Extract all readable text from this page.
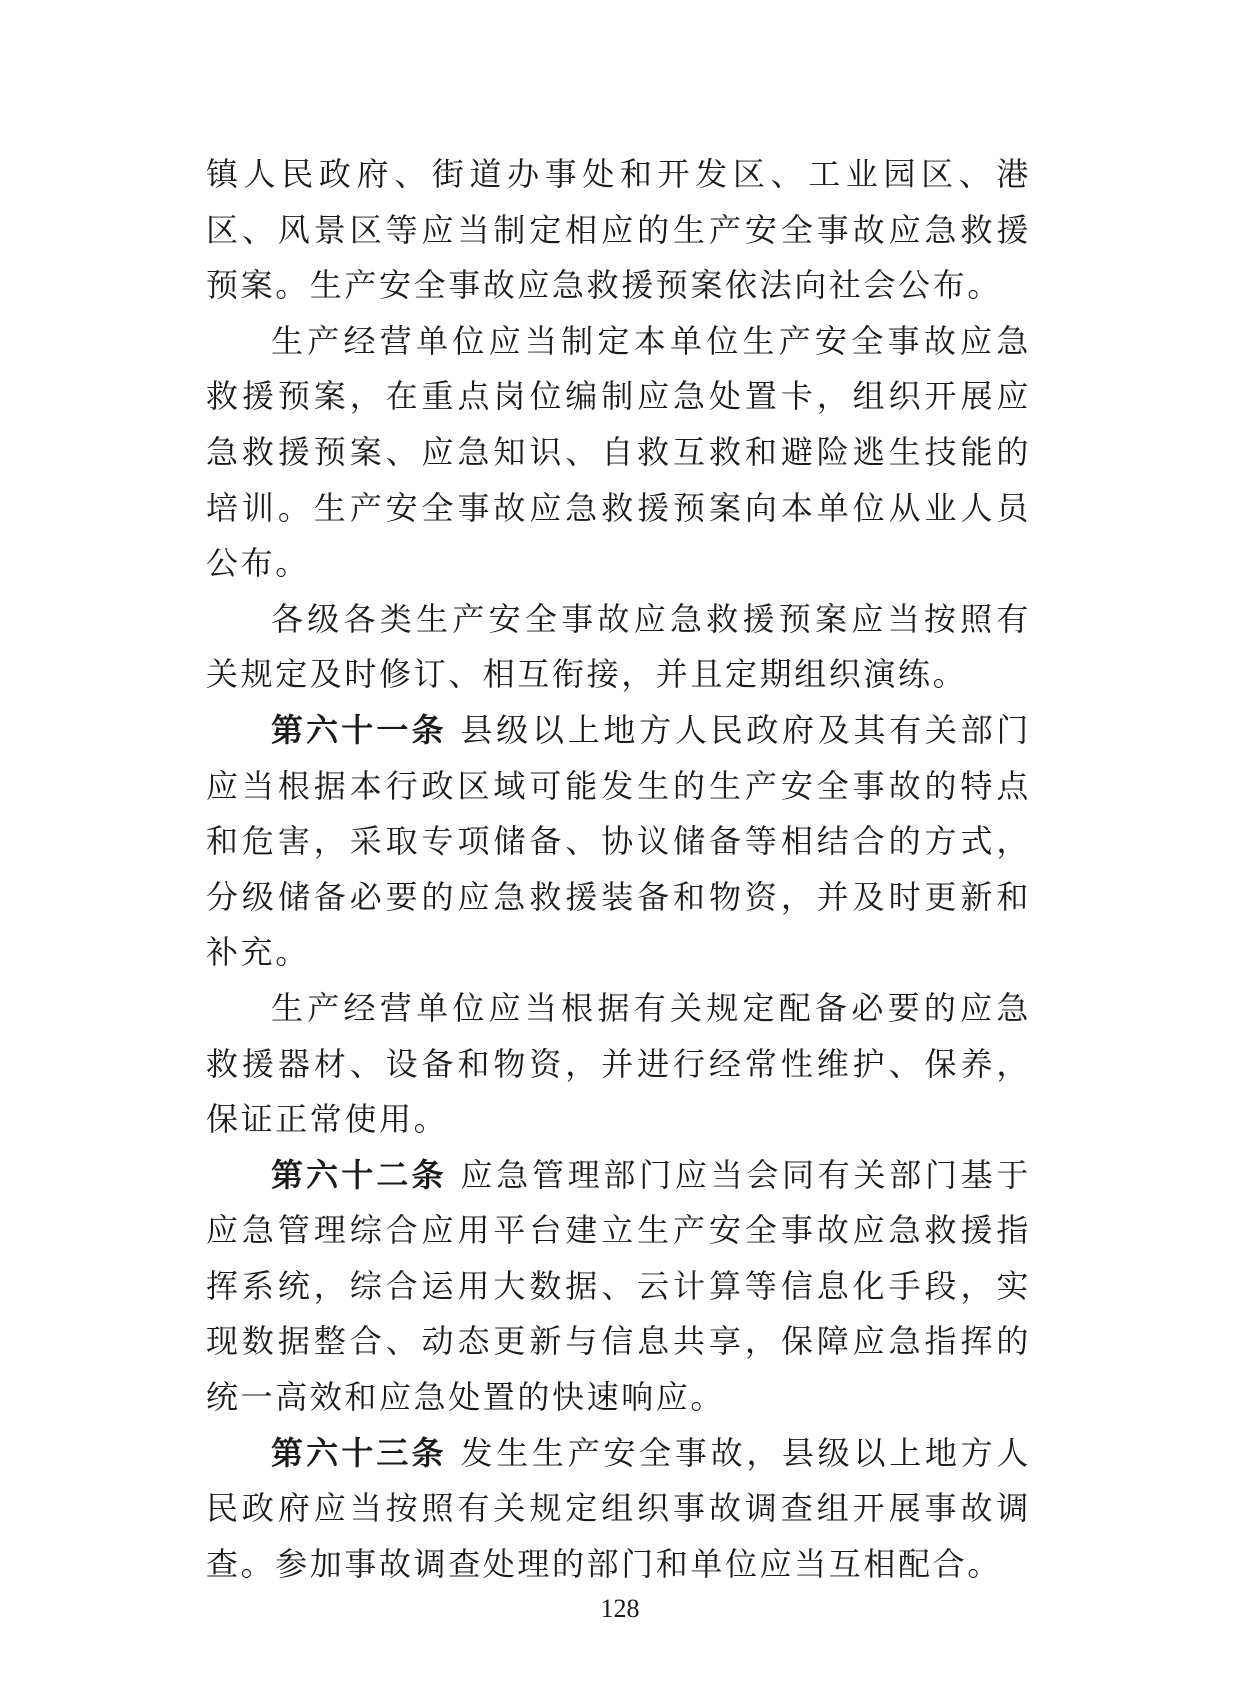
镇人民政府、街道办事处和开发区、工业园区、港区、风景区等应当制定相应的生产安全事故应急救援预案。生产安全事故应急救援预案依法向社会公布。

生产经营单位应当制定本单位生产安全事故应急救援预案，在重点岗位编制应急处置卡，组织开展应急救援预案、应急知识、自救互救和避险逃生技能的培训。生产安全事故应急救援预案向本单位从业人员公布。

各级各类生产安全事故应急救援预案应当按照有关规定及时修订、相互衔接，并且定期组织演练。

第六十一条 县级以上地方人民政府及其有关部门应当根据本行政区域可能发生的生产安全事故的特点和危害，采取专项储备、协议储备等相结合的方式，分级储备必要的应急救援装备和物资，并及时更新和补充。

生产经营单位应当根据有关规定配备必要的应急救援器材、设备和物资，并进行经常性维护、保养，保证正常使用。

第六十二条 应急管理部门应当会同有关部门基于应急管理综合应用平台建立生产安全事故应急救援指挥系统，综合运用大数据、云计算等信息化手段，实现数据整合、动态更新与信息共享，保障应急指挥的统一高效和应急处置的快速响应。

第六十三条 发生生产安全事故，县级以上地方人民政府应当按照有关规定组织事故调查组开展事故调查。参加事故调查处理的部门和单位应当互相配合。

128
